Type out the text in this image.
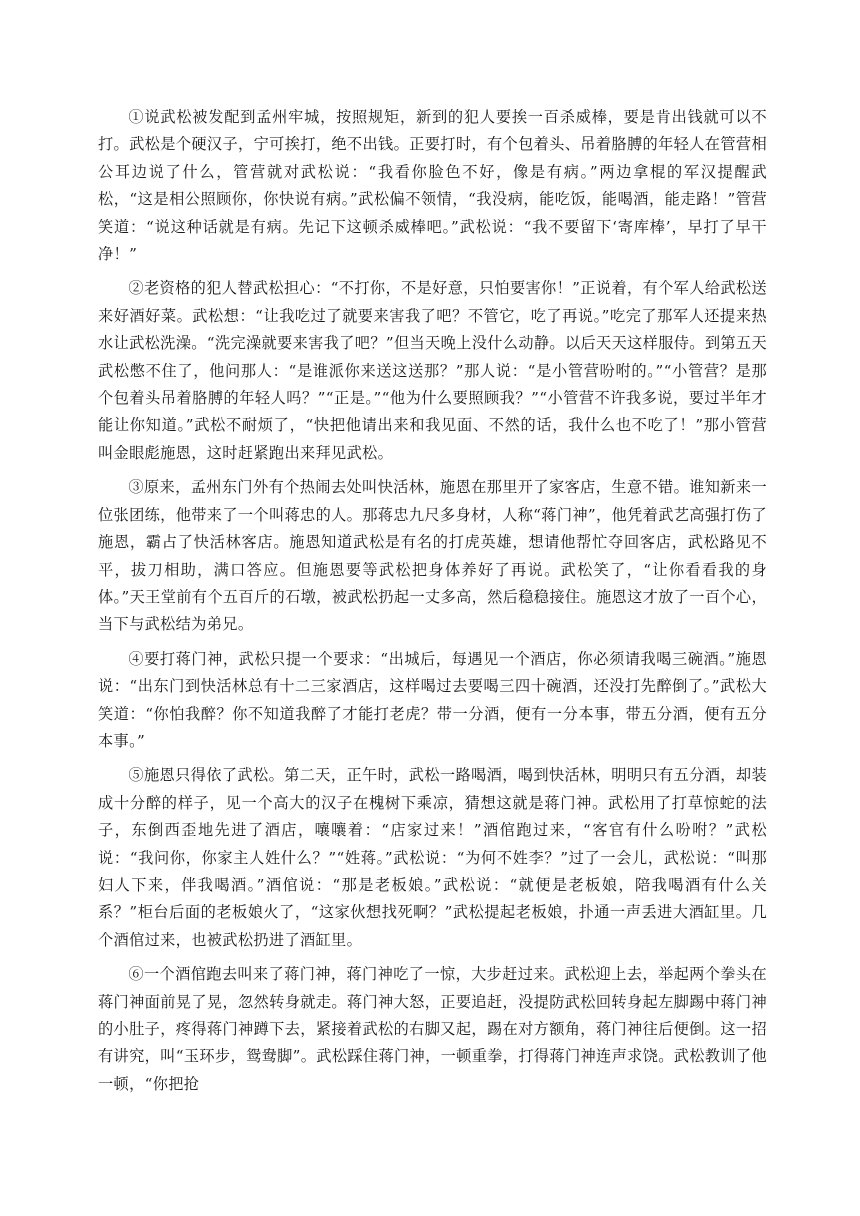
①说武松被发配到孟州牢城，按照规矩，新到的犯人要挨一百杀威棒，要是肯出钱就可以不打。武松是个硬汉子，宁可挨打，绝不出钱。正要打时，有个包着头、吊着胳膊的年轻人在管营相公耳边说了什么，管营就对武松说：“我看你脸色不好，像是有病。”两边拿棍的军汉提醒武松，“这是相公照顾你，你快说有病。”武松偏不领情，“我没病，能吃饭，能喝酒，能走路！”管营笑道：“说这种话就是有病。先记下这顿杀威棒吧。”武松说：“我不要留下‘寄库棒’，早打了早干净！”

②老资格的犯人替武松担心：“不打你，不是好意，只怕要害你！”正说着，有个军人给武松送来好酒好菜。武松想：“让我吃过了就要来害我了吧？不管它，吃了再说。”吃完了那军人还提来热水让武松洗澡。“洗完澡就要来害我了吧？”但当天晚上没什么动静。以后天天这样服侍。到第五天武松憋不住了，他问那人：“是谁派你来送这送那？”那人说：“是小管营吩咐的。”“小管营？是那个包着头吊着胳膊的年轻人吗？”“正是。”“他为什么要照顾我？”“小管营不许我多说，要过半年才能让你知道。”武松不耐烦了，“快把他请出来和我见面、不然的话，我什么也不吃了！”那小管营叫金眼彪施恩，这时赶紧跑出来拜见武松。

③原来，孟州东门外有个热闹去处叫快活林，施恩在那里开了家客店，生意不错。谁知新来一位张团练，他带来了一个叫蒋忠的人。那蒋忠九尺多身材，人称“蒋门神”，他凭着武艺高强打伤了施恩，霸占了快活林客店。施恩知道武松是有名的打虎英雄，想请他帮忙夺回客店，武松路见不平，拔刀相助，满口答应。但施恩要等武松把身体养好了再说。武松笑了，“让你看看我的身体。”天王堂前有个五百斤的石墩，被武松扔起一丈多高，然后稳稳接住。施恩这才放了一百个心，当下与武松结为弟兄。

④要打蒋门神，武松只提一个要求：“出城后，每遇见一个酒店，你必须请我喝三碗酒。”施恩说：“出东门到快活林总有十二三家酒店，这样喝过去要喝三四十碗酒，还没打先醉倒了。”武松大笑道：“你怕我醉？你不知道我醉了才能打老虎？带一分酒，便有一分本事，带五分酒，便有五分本事。”

⑤施恩只得依了武松。第二天，正午时，武松一路喝酒，喝到快活林，明明只有五分酒，却装成十分醉的样子，见一个高大的汉子在槐树下乘凉，猜想这就是蒋门神。武松用了打草惊蛇的法子，东倒西歪地先进了酒店，嚷嚷着：“店家过来！”酒倌跑过来，“客官有什么吩咐？”武松说：“我问你，你家主人姓什么？”“姓蒋。”武松说：“为何不姓李？”过了一会儿，武松说：“叫那妇人下来，伴我喝酒。”酒倌说：“那是老板娘。”武松说：“就便是老板娘，陪我喝酒有什么关系？”柜台后面的老板娘火了，“这家伙想找死啊？”武松提起老板娘，扑通一声丢进大酒缸里。几个酒倌过来，也被武松扔进了酒缸里。

⑥一个酒倌跑去叫来了蒋门神，蒋门神吃了一惊，大步赶过来。武松迎上去，举起两个拳头在蒋门神面前晃了晃，忽然转身就走。蒋门神大怒，正要追赶，没提防武松回转身起左脚踢中蒋门神的小肚子，疼得蒋门神蹲下去，紧接着武松的右脚又起，踢在对方额角，蒋门神往后便倒。这一招有讲究，叫“玉环步，鸳鸯脚”。武松踩住蒋门神，一顿重拳，打得蒋门神连声求饶。武松教训了他一顿，“你把抢
